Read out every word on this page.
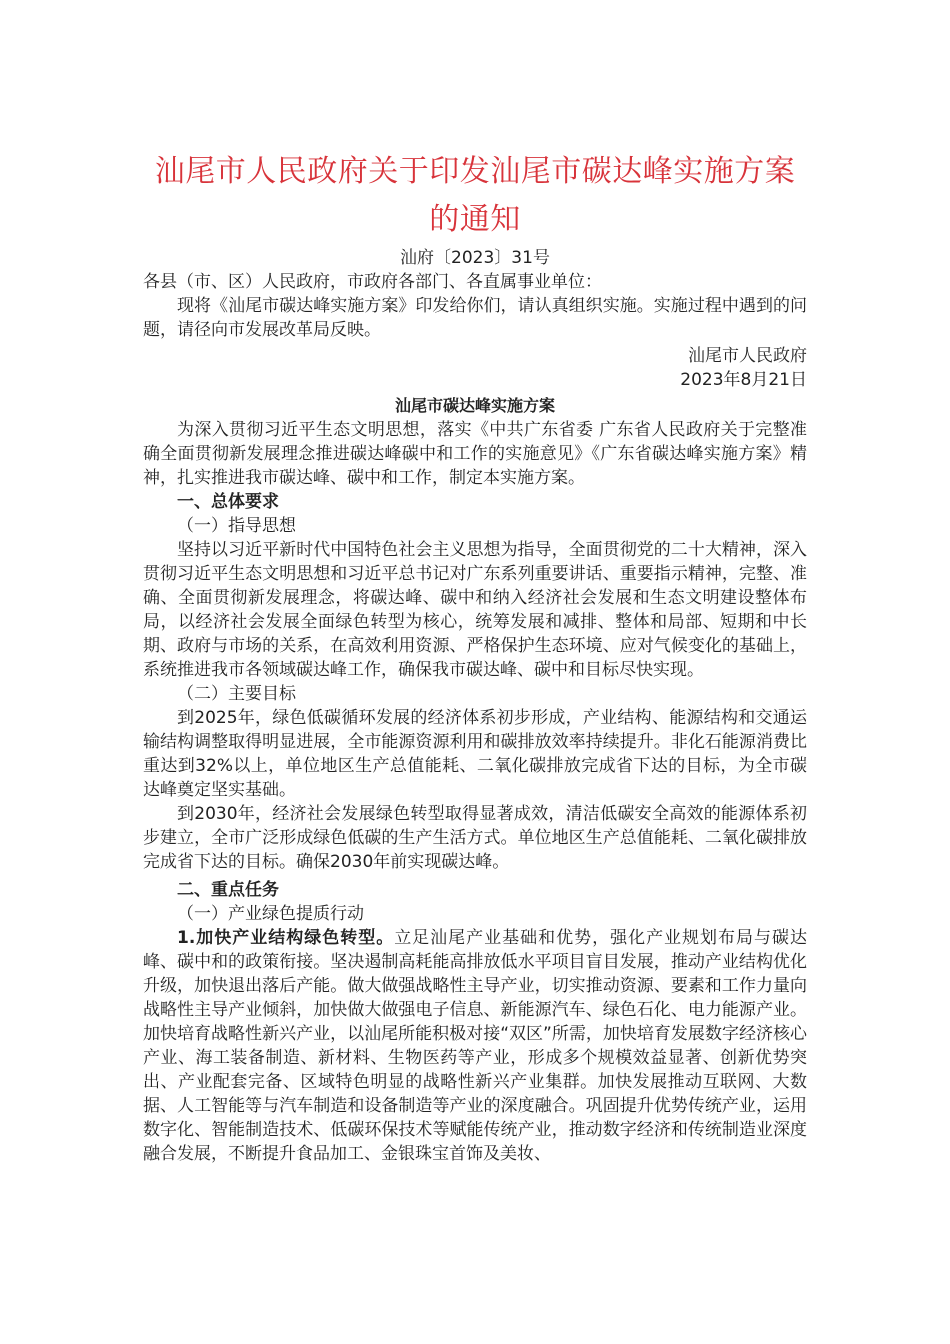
汕尾市人民政府关于印发汕尾市碳达峰实施方案的通知
汕府〔2023〕31号

各县（市、区）人民政府，市政府各部门、各直属事业单位：

现将《汕尾市碳达峰实施方案》印发给你们，请认真组织实施。实施过程中遇到的问题，请径向市发展改革局反映。

汕尾市人民政府

2023年8月21日

汕尾市碳达峰实施方案

为深入贯彻习近平生态文明思想，落实《中共广东省委 广东省人民政府关于完整准确全面贯彻新发展理念推进碳达峰碳中和工作的实施意见》《广东省碳达峰实施方案》精神，扎实推进我市碳达峰、碳中和工作，制定本实施方案。

一、总体要求

（一）指导思想

坚持以习近平新时代中国特色社会主义思想为指导，全面贯彻党的二十大精神，深入贯彻习近平生态文明思想和习近平总书记对广东系列重要讲话、重要指示精神，完整、准确、全面贯彻新发展理念，将碳达峰、碳中和纳入经济社会发展和生态文明建设整体布局，以经济社会发展全面绿色转型为核心，统筹发展和减排、整体和局部、短期和中长期、政府与市场的关系，在高效利用资源、严格保护生态环境、应对气候变化的基础上，系统推进我市各领域碳达峰工作，确保我市碳达峰、碳中和目标尽快实现。

（二）主要目标

到2025年，绿色低碳循环发展的经济体系初步形成，产业结构、能源结构和交通运输结构调整取得明显进展，全市能源资源利用和碳排放效率持续提升。非化石能源消费比重达到32%以上，单位地区生产总值能耗、二氧化碳排放完成省下达的目标，为全市碳达峰奠定坚实基础。

到2030年，经济社会发展绿色转型取得显著成效，清洁低碳安全高效的能源体系初步建立，全市广泛形成绿色低碳的生产生活方式。单位地区生产总值能耗、二氧化碳排放完成省下达的目标。确保2030年前实现碳达峰。

二、重点任务

（一）产业绿色提质行动

1.加快产业结构绿色转型。立足汕尾产业基础和优势，强化产业规划布局与碳达峰、碳中和的政策衔接。坚决遏制高耗能高排放低水平项目盲目发展，推动产业结构优化升级，加快退出落后产能。做大做强战略性主导产业，切实推动资源、要素和工作力量向战略性主导产业倾斜，加快做大做强电子信息、新能源汽车、绿色石化、电力能源产业。加快培育战略性新兴产业，以汕尾所能积极对接“双区”所需，加快培育发展数字经济核心产业、海工装备制造、新材料、生物医药等产业，形成多个规模效益显著、创新优势突出、产业配套完备、区域特色明显的战略性新兴产业集群。加快发展推动互联网、大数据、人工智能等与汽车制造和设备制造等产业的深度融合。巩固提升优势传统产业，运用数字化、智能制造技术、低碳环保技术等赋能传统产业，推动数字经济和传统制造业深度融合发展，不断提升食品加工、金银珠宝首饰及美妆、
